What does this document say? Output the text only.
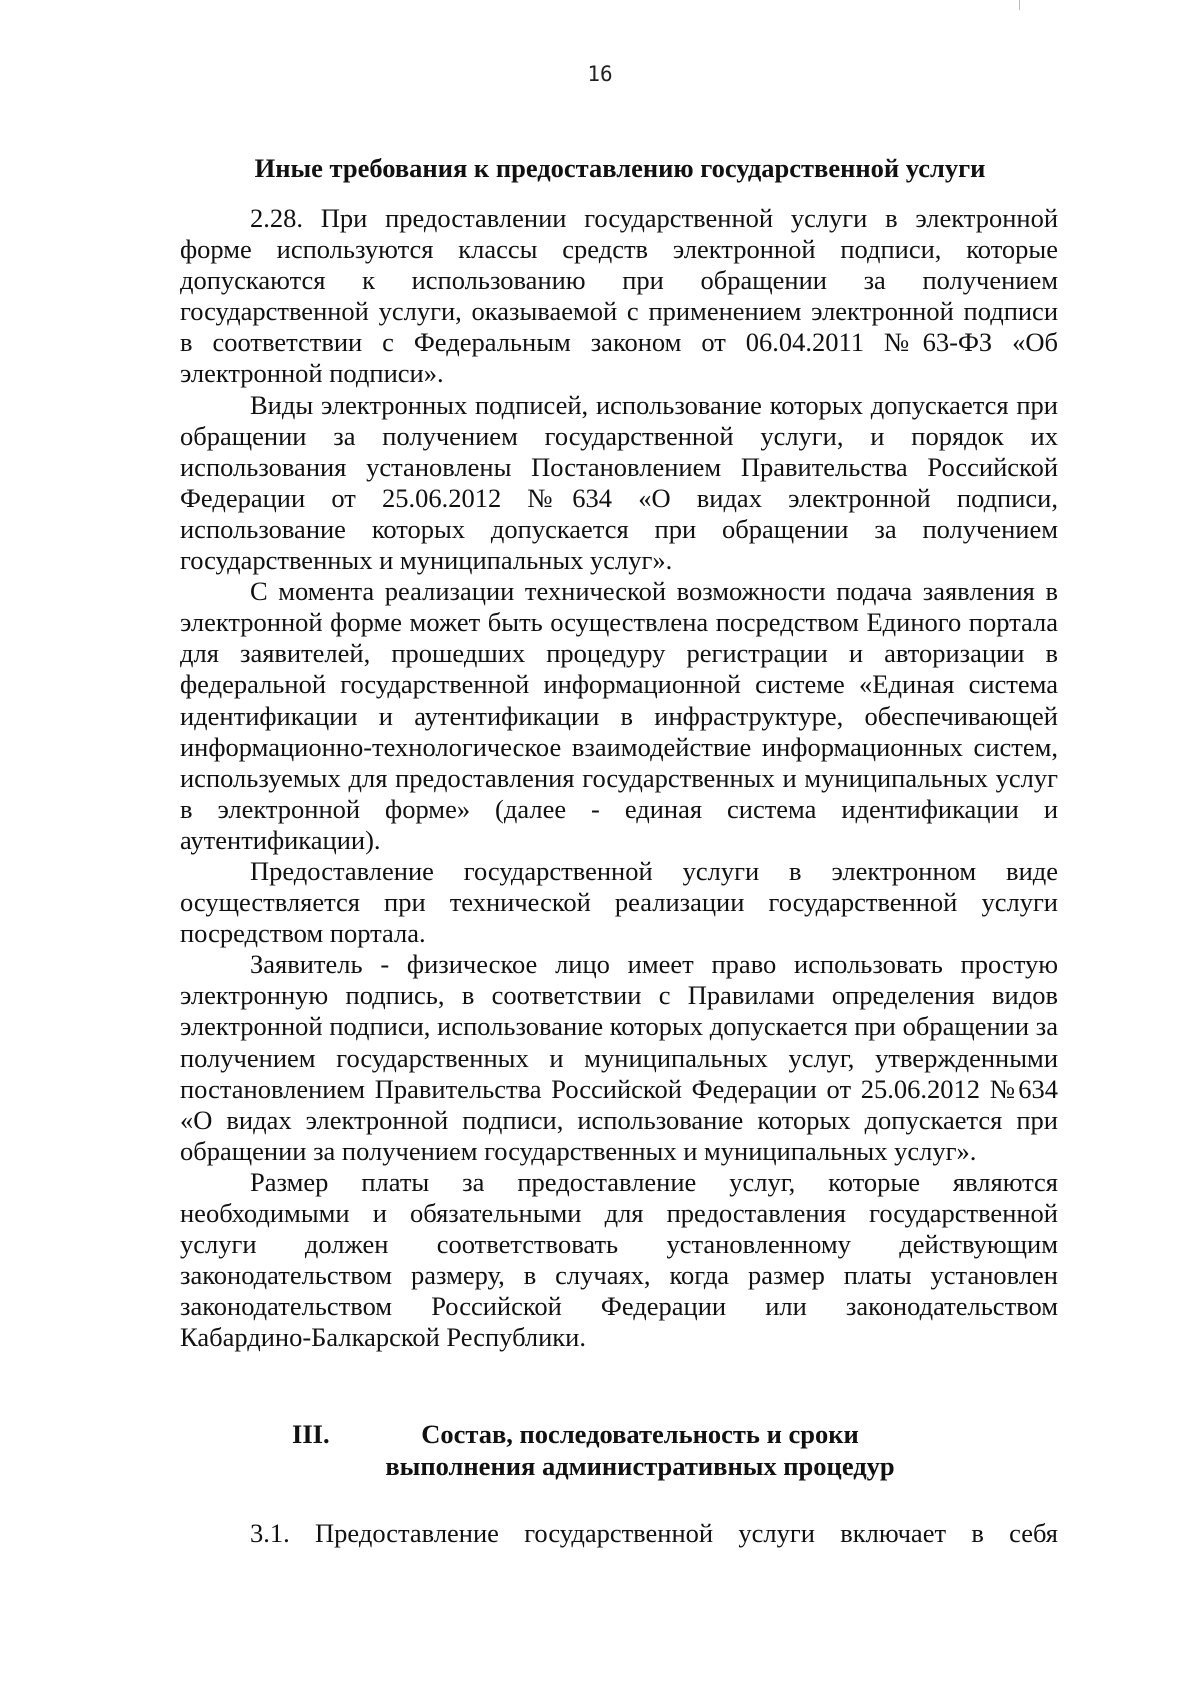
16
Иные требования к предоставлению государственной услуги

2.28. При предоставлении государственной услуги в электронной форме используются классы средств электронной подписи, которые допускаются к использованию при обращении за получением государственной услуги, оказываемой с применением электронной подписи в соответствии с Федеральным законом от 06.04.2011 №63-ФЗ «Об электронной подписи».

Виды электронных подписей, использование которых допускается при обращении за получением государственной услуги, и порядок их использования установлены Постановлением Правительства Российской Федерации от 25.06.2012 №634 «О видах электронной подписи, использование которых допускается при обращении за получением государственных и муниципальных услуг».

С момента реализации технической возможности подача заявления в электронной форме может быть осуществлена посредством Единого портала для заявителей, прошедших процедуру регистрации и авторизации в федеральной государственной информационной системе «Единая система идентификации и аутентификации в инфраструктуре, обеспечивающей информационно-технологическое взаимодействие информационных систем, используемых для предоставления государственных и муниципальных услуг в электронной форме» (далее - единая система идентификации и аутентификации).

Предоставление государственной услуги в электронном виде осуществляется при технической реализации государственной услуги посредством портала.

Заявитель - физическое лицо имеет право использовать простую электронную подпись, в соответствии с Правилами определения видов электронной подписи, использование которых допускается при обращении за получением государственных и муниципальных услуг, утвержденными постановлением Правительства Российской Федерации от 25.06.2012 №634 «О видах электронной подписи, использование которых допускается при обращении за получением государственных и муниципальных услуг».

Размер платы за предоставление услуг, которые являются необходимыми и обязательными для предоставления государственной услуги должен соответствовать установленному действующим законодательством размеру, в случаях, когда размер платы установлен законодательством Российской Федерации или законодательством Кабардино-Балкарской Республики.

III.	Состав, последовательность и сроки выполнения административных процедур
3.1. Предоставление государственной услуги включает в себя
